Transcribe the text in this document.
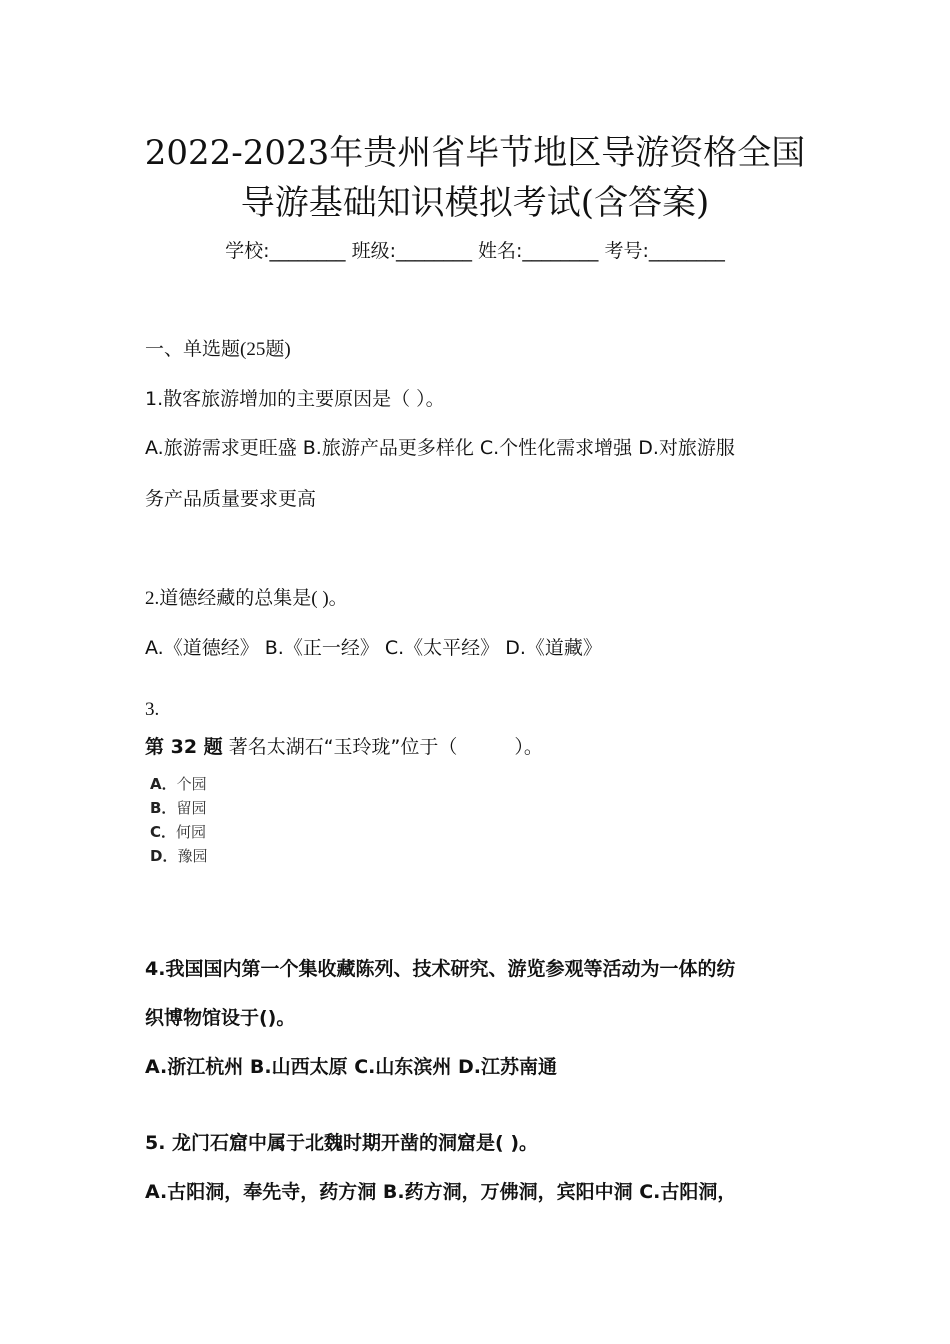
2022-2023年贵州省毕节地区导游资格全国
导游基础知识模拟考试(含答案)
学校:________ 班级:________ 姓名:________ 考号:________
一、单选题(25题)
1.散客旅游增加的主要原因是（ ）。
A.旅游需求更旺盛 B.旅游产品更多样化 C.个性化需求增强 D.对旅游服
务产品质量要求更高
2.道德经藏的总集是( )。
A.《道德经》 B.《正一经》 C.《太平经》 D.《道藏》
3.
第 32 题 著名太湖石“玉玲珑”位于（　　　）。
A．个园
B．留园
C．何园
D．豫园
4.我国国内第一个集收藏陈列、技术研究、游览参观等活动为一体的纺
织博物馆设于()。
A.浙江杭州 B.山西太原 C.山东滨州 D.江苏南通
5. 龙门石窟中属于北魏时期开凿的洞窟是( )。
A.古阳洞，奉先寺，药方洞 B.药方洞，万佛洞，宾阳中洞 C.古阳洞，
